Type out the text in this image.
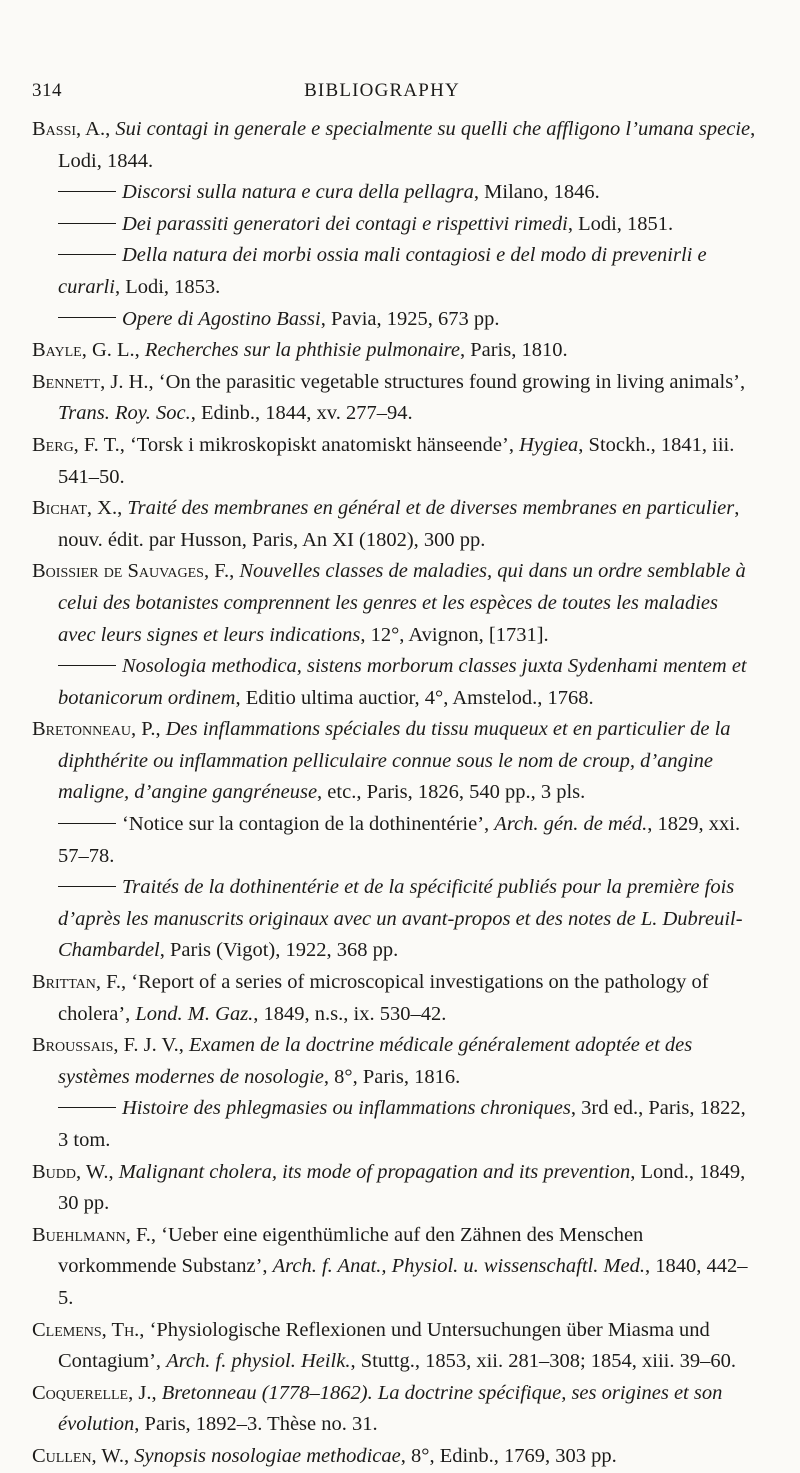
314	BIBLIOGRAPHY

Bassi, A., Sui contagi in generale e specialmente su quelli che affligono l’umana specie, Lodi, 1844.

Discorsi sulla natura e cura della pellagra, Milano, 1846.

Dei parassiti generatori dei contagi e rispettivi rimedi, Lodi, 1851.

Della natura dei morbi ossia mali contagiosi e del modo di prevenirli e curarli, Lodi, 1853.

Opere di Agostino Bassi, Pavia, 1925, 673 pp.

Bayle, G. L., Recherches sur la phthisie pulmonaire, Paris, 1810.

Bennett, J. H., ‘On the parasitic vegetable structures found growing in living animals’, Trans. Roy. Soc., Edinb., 1844, xv. 277–94.

Berg, F. T., ‘Torsk i mikroskopiskt anatomiskt hänseende’, Hygiea, Stockh., 1841, iii. 541–50.

Bichat, X., Traité des membranes en général et de diverses membranes en particulier, nouv. édit. par Husson, Paris, An XI (1802), 300 pp.

Boissier de Sauvages, F., Nouvelles classes de maladies, qui dans un ordre semblable à celui des botanistes comprennent les genres et les espèces de toutes les maladies avec leurs signes et leurs indications, 12°, Avignon, [1731].

Nosologia methodica, sistens morborum classes juxta Sydenhami mentem et botanicorum ordinem, Editio ultima auctior, 4°, Amstelod., 1768.

Bretonneau, P., Des inflammations spéciales du tissu muqueux et en particulier de la diphthérite ou inflammation pelliculaire connue sous le nom de croup, d’angine maligne, d’angine gangréneuse, etc., Paris, 1826, 540 pp., 3 pls.

‘Notice sur la contagion de la dothinentérie’, Arch. gén. de méd., 1829, xxi. 57–78.

Traités de la dothinentérie et de la spécificité publiés pour la première fois d’après les manuscrits originaux avec un avant-propos et des notes de L. Dubreuil-Chambardel, Paris (Vigot), 1922, 368 pp.

Brittan, F., ‘Report of a series of microscopical investigations on the pathology of cholera’, Lond. M. Gaz., 1849, n.s., ix. 530–42.

Broussais, F. J. V., Examen de la doctrine médicale généralement adoptée et des systèmes modernes de nosologie, 8°, Paris, 1816.

Histoire des phlegmasies ou inflammations chroniques, 3rd ed., Paris, 1822, 3 tom.

Budd, W., Malignant cholera, its mode of propagation and its prevention, Lond., 1849, 30 pp.

Buehlmann, F., ‘Ueber eine eigenthümliche auf den Zähnen des Menschen vorkommende Substanz’, Arch. f. Anat., Physiol. u. wissenschaftl. Med., 1840, 442–5.

Clemens, Th., ‘Physiologische Reflexionen und Untersuchungen über Miasma und Contagium’, Arch. f. physiol. Heilk., Stuttg., 1853, xii. 281–308; 1854, xiii. 39–60.

Coquerelle, J., Bretonneau (1778–1862). La doctrine spécifique, ses origines et son évolution, Paris, 1892–3. Thèse no. 31.

Cullen, W., Synopsis nosologiae methodicae, 8°, Edinb., 1769, 303 pp.
